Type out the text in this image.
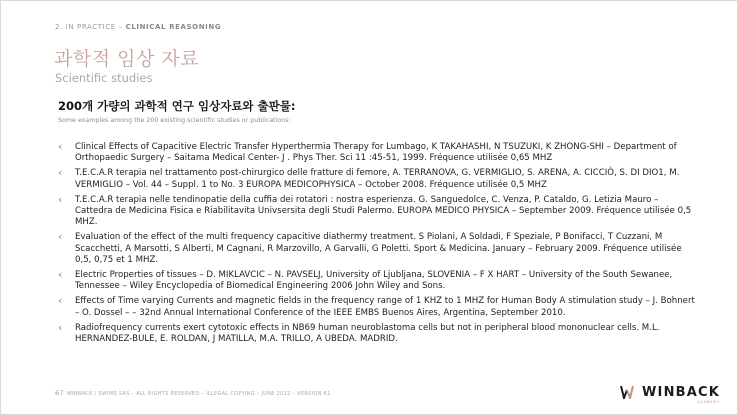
2. IN PRACTICE – CLINICAL REASONING
과학적 임상 자료
Scientific studies
200개 가량의 과학적 연구 임상자료와 출판물:
Some examples among the 200 existing scientific studies or publications:
‹ Clinical Effects of Capacitive Electric Transfer Hyperthermia Therapy for Lumbago, K TAKAHASHI, N TSUZUKI, K ZHONG-SHI – Department of Orthopaedic Surgery – Saitama Medical Center- J . Phys Ther. Sci 11 :45-51, 1999. Fréquence utilisée 0,65 MHZ
‹ T.E.C.A.R terapia nel trattamento post-chirurgico delle fratture di femore, A. TERRANOVA, G. VERMIGLIO, S. ARENA, A. CICCIÒ, S. DI DIO1, M. VERMIGLIO – Vol. 44 – Suppl. 1 to No. 3 EUROPA MEDICOPHYSICA – October 2008. Fréquence utilisée 0,5 MHZ
‹ T.E.C.A.R terapia nelle tendinopatie della cuffia dei rotatori : nostra esperienza. G. Sanguedolce, C. Venza, P. Cataldo, G. Letizia Mauro – Cattedra de Medicina Fisica e Riabilitavita Univsersita degli Studi Palermo. EUROPA MEDICO PHYSICA – September 2009. Fréquence utilisée 0,5 MHZ.
‹ Evaluation of the effect of the multi frequency capacitive diathermy treatment. S Piolani, A Soldadi, F Speziale, P Bonifacci, T Cuzzani, M Scacchetti, A Marsotti, S Alberti, M Cagnani, R Marzovillo, A Garvalli, G Poletti. Sport & Medicina. January – February 2009. Fréquence utilisée 0,5, 0,75 et 1 MHZ.
‹ Electric Properties of tissues – D. MIKLAVCIC – N. PAVSELJ, University of Ljubljana, SLOVENIA – F X HART – University of the South Sewanee, Tennessee – Wiley Encyclopedia of Biomedical Engineering 2006 John Wiley and Sons.
‹ Effects of Time varying Currents and magnetic fields in the frequency range of 1 KHZ to 1 MHZ for Human Body A stimulation study – J. Bohnert – O. Dossel – – 32nd Annual International Conference of the IEEE EMBS Buenos Aires, Argentina, September 2010.
‹ Radiofrequency currents exert cytotoxic effects in NB69 human neuroblastoma cells but not in peripheral blood mononuclear cells. M.L. HERNANDEZ-BULE, E. ROLDAN, J MATILLA, M.A. TRILLO, A UBEDA. MADRID.
67 WINBACK / SWIMS SAS – ALL RIGHTS RESERVED – ILLEGAL COPYING – JUNE 2022 – VERSION K1	WINBACK
ACADEMY
